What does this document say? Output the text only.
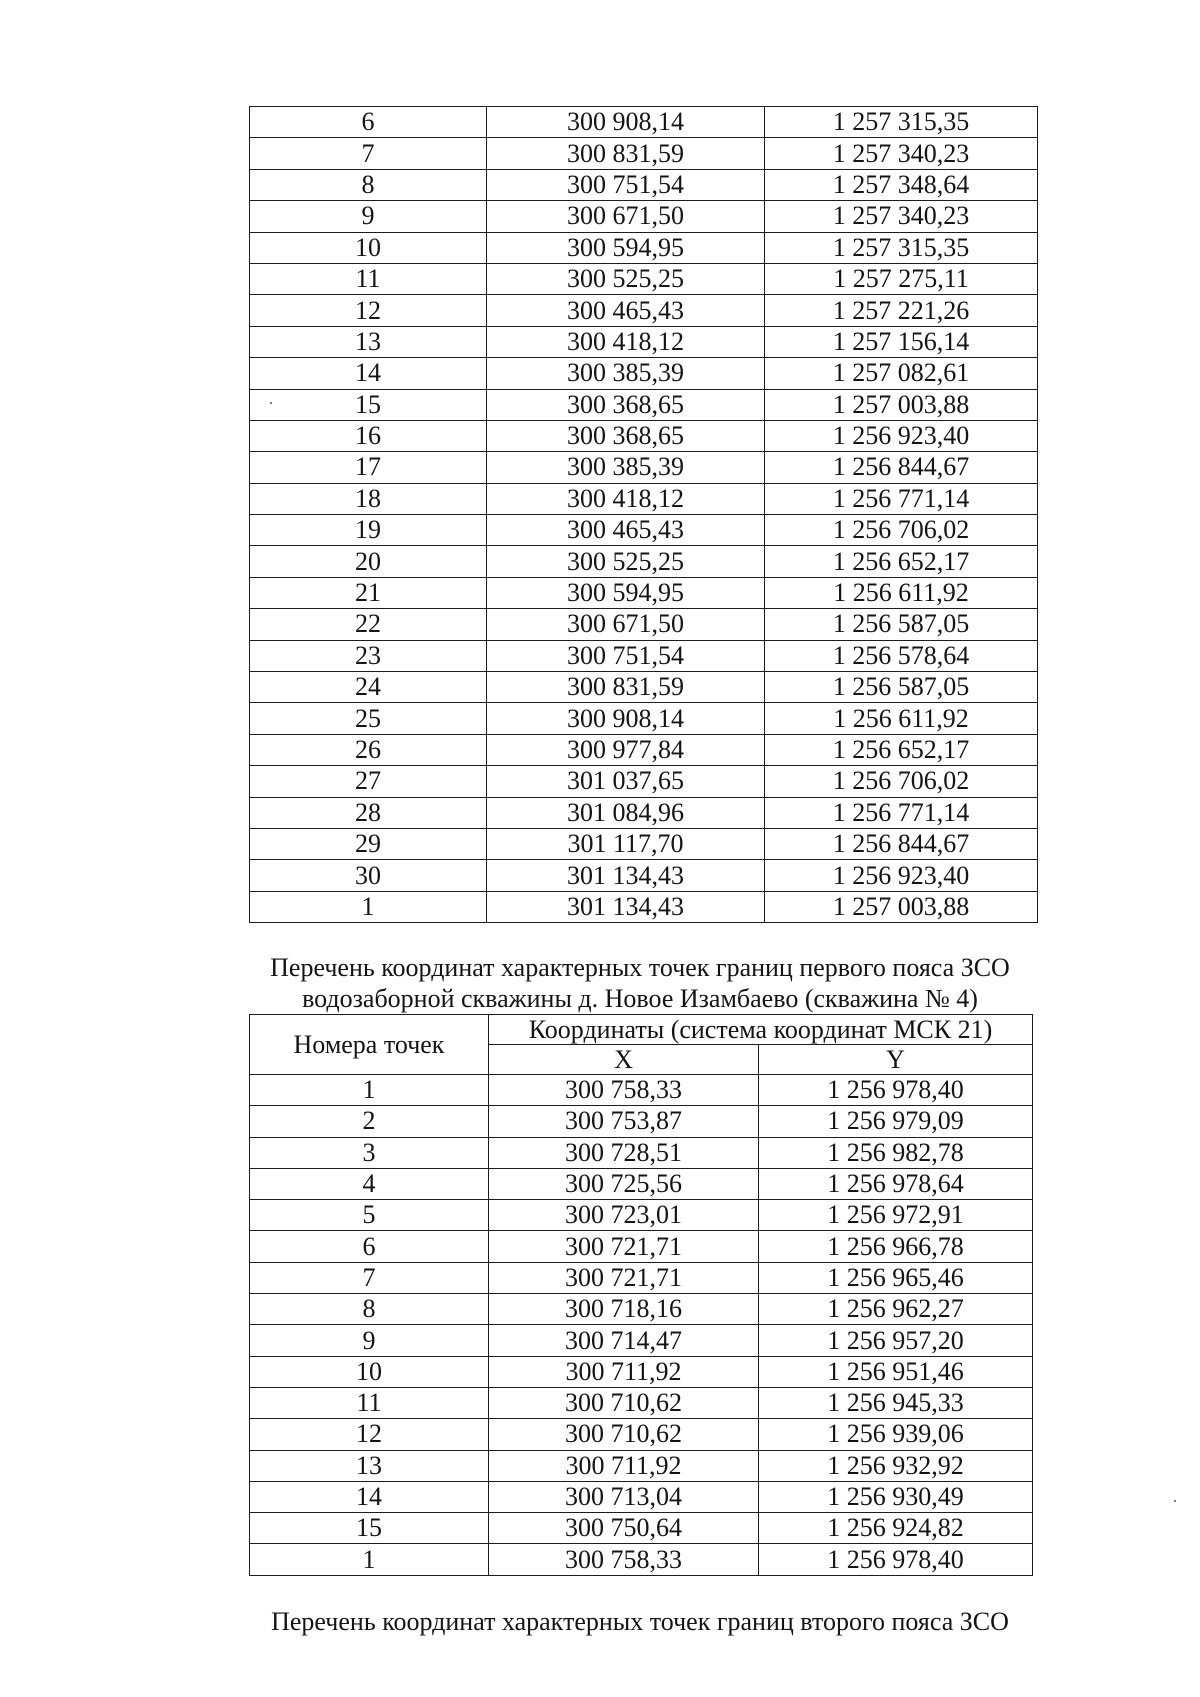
6	300 908,14	1 257 315,35
7	300 831,59	1 257 340,23
8	300 751,54	1 257 348,64
9	300 671,50	1 257 340,23
10	300 594,95	1 257 315,35
11	300 525,25	1 257 275,11
12	300 465,43	1 257 221,26
13	300 418,12	1 257 156,14
14	300 385,39	1 257 082,61
15	300 368,65	1 257 003,88
16	300 368,65	1 256 923,40
17	300 385,39	1 256 844,67
18	300 418,12	1 256 771,14
19	300 465,43	1 256 706,02
20	300 525,25	1 256 652,17
21	300 594,95	1 256 611,92
22	300 671,50	1 256 587,05
23	300 751,54	1 256 578,64
24	300 831,59	1 256 587,05
25	300 908,14	1 256 611,92
26	300 977,84	1 256 652,17
27	301 037,65	1 256 706,02
28	301 084,96	1 256 771,14
29	301 117,70	1 256 844,67
30	301 134,43	1 256 923,40
1	301 134,43	1 257 003,88
Перечень координат характерных точек границ первого пояса ЗСО
водозаборной скважины д. Новое Изамбаево (скважина № 4)
Номера точек	Координаты (система координат МСК 21)	
	X	Y
1	300 758,33	1 256 978,40
2	300 753,87	1 256 979,09
3	300 728,51	1 256 982,78
4	300 725,56	1 256 978,64
5	300 723,01	1 256 972,91
6	300 721,71	1 256 966,78
7	300 721,71	1 256 965,46
8	300 718,16	1 256 962,27
9	300 714,47	1 256 957,20
10	300 711,92	1 256 951,46
11	300 710,62	1 256 945,33
12	300 710,62	1 256 939,06
13	300 711,92	1 256 932,92
14	300 713,04	1 256 930,49
15	300 750,64	1 256 924,82
1	300 758,33	1 256 978,40
Перечень координат характерных точек границ второго пояса ЗСО
